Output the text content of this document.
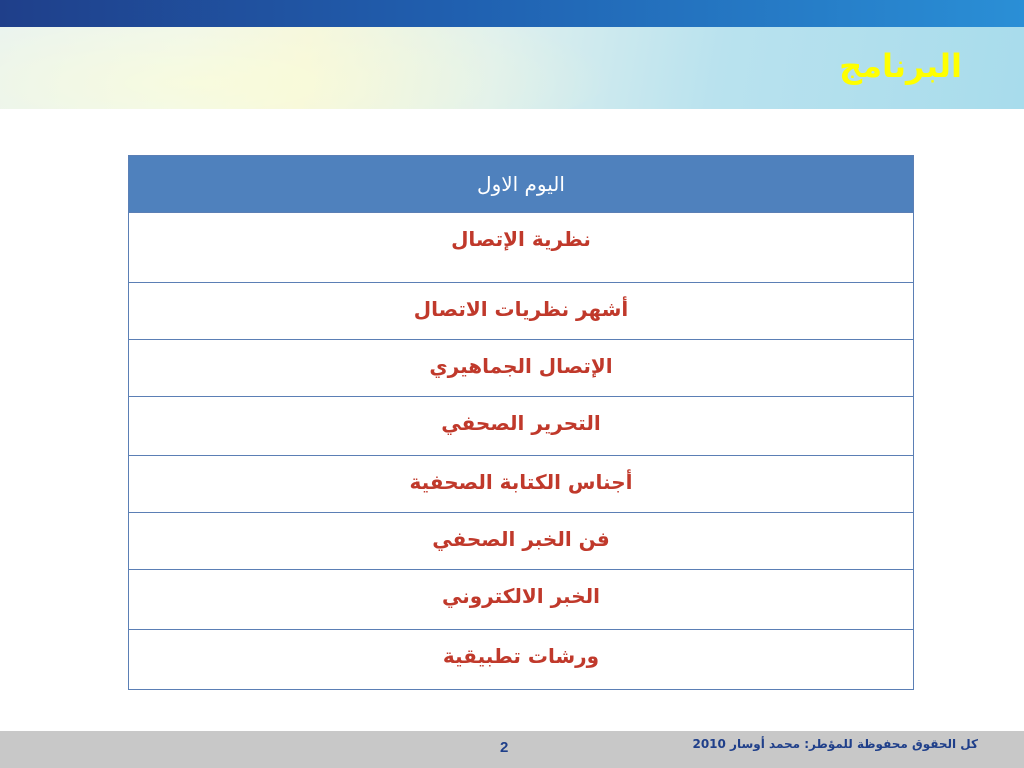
البرنامج
اليوم الاول
نظرية الإتصال
أشهر نظريات الاتصال
الإتصال الجماهيري
التحرير الصحفي
أجناس الكتابة الصحفية
فن الخبر الصحفي
الخبر الالكتروني
ورشات تطبيقية
2	كل الحقوق محفوظة للمؤطر: محمد أوسار 2010
